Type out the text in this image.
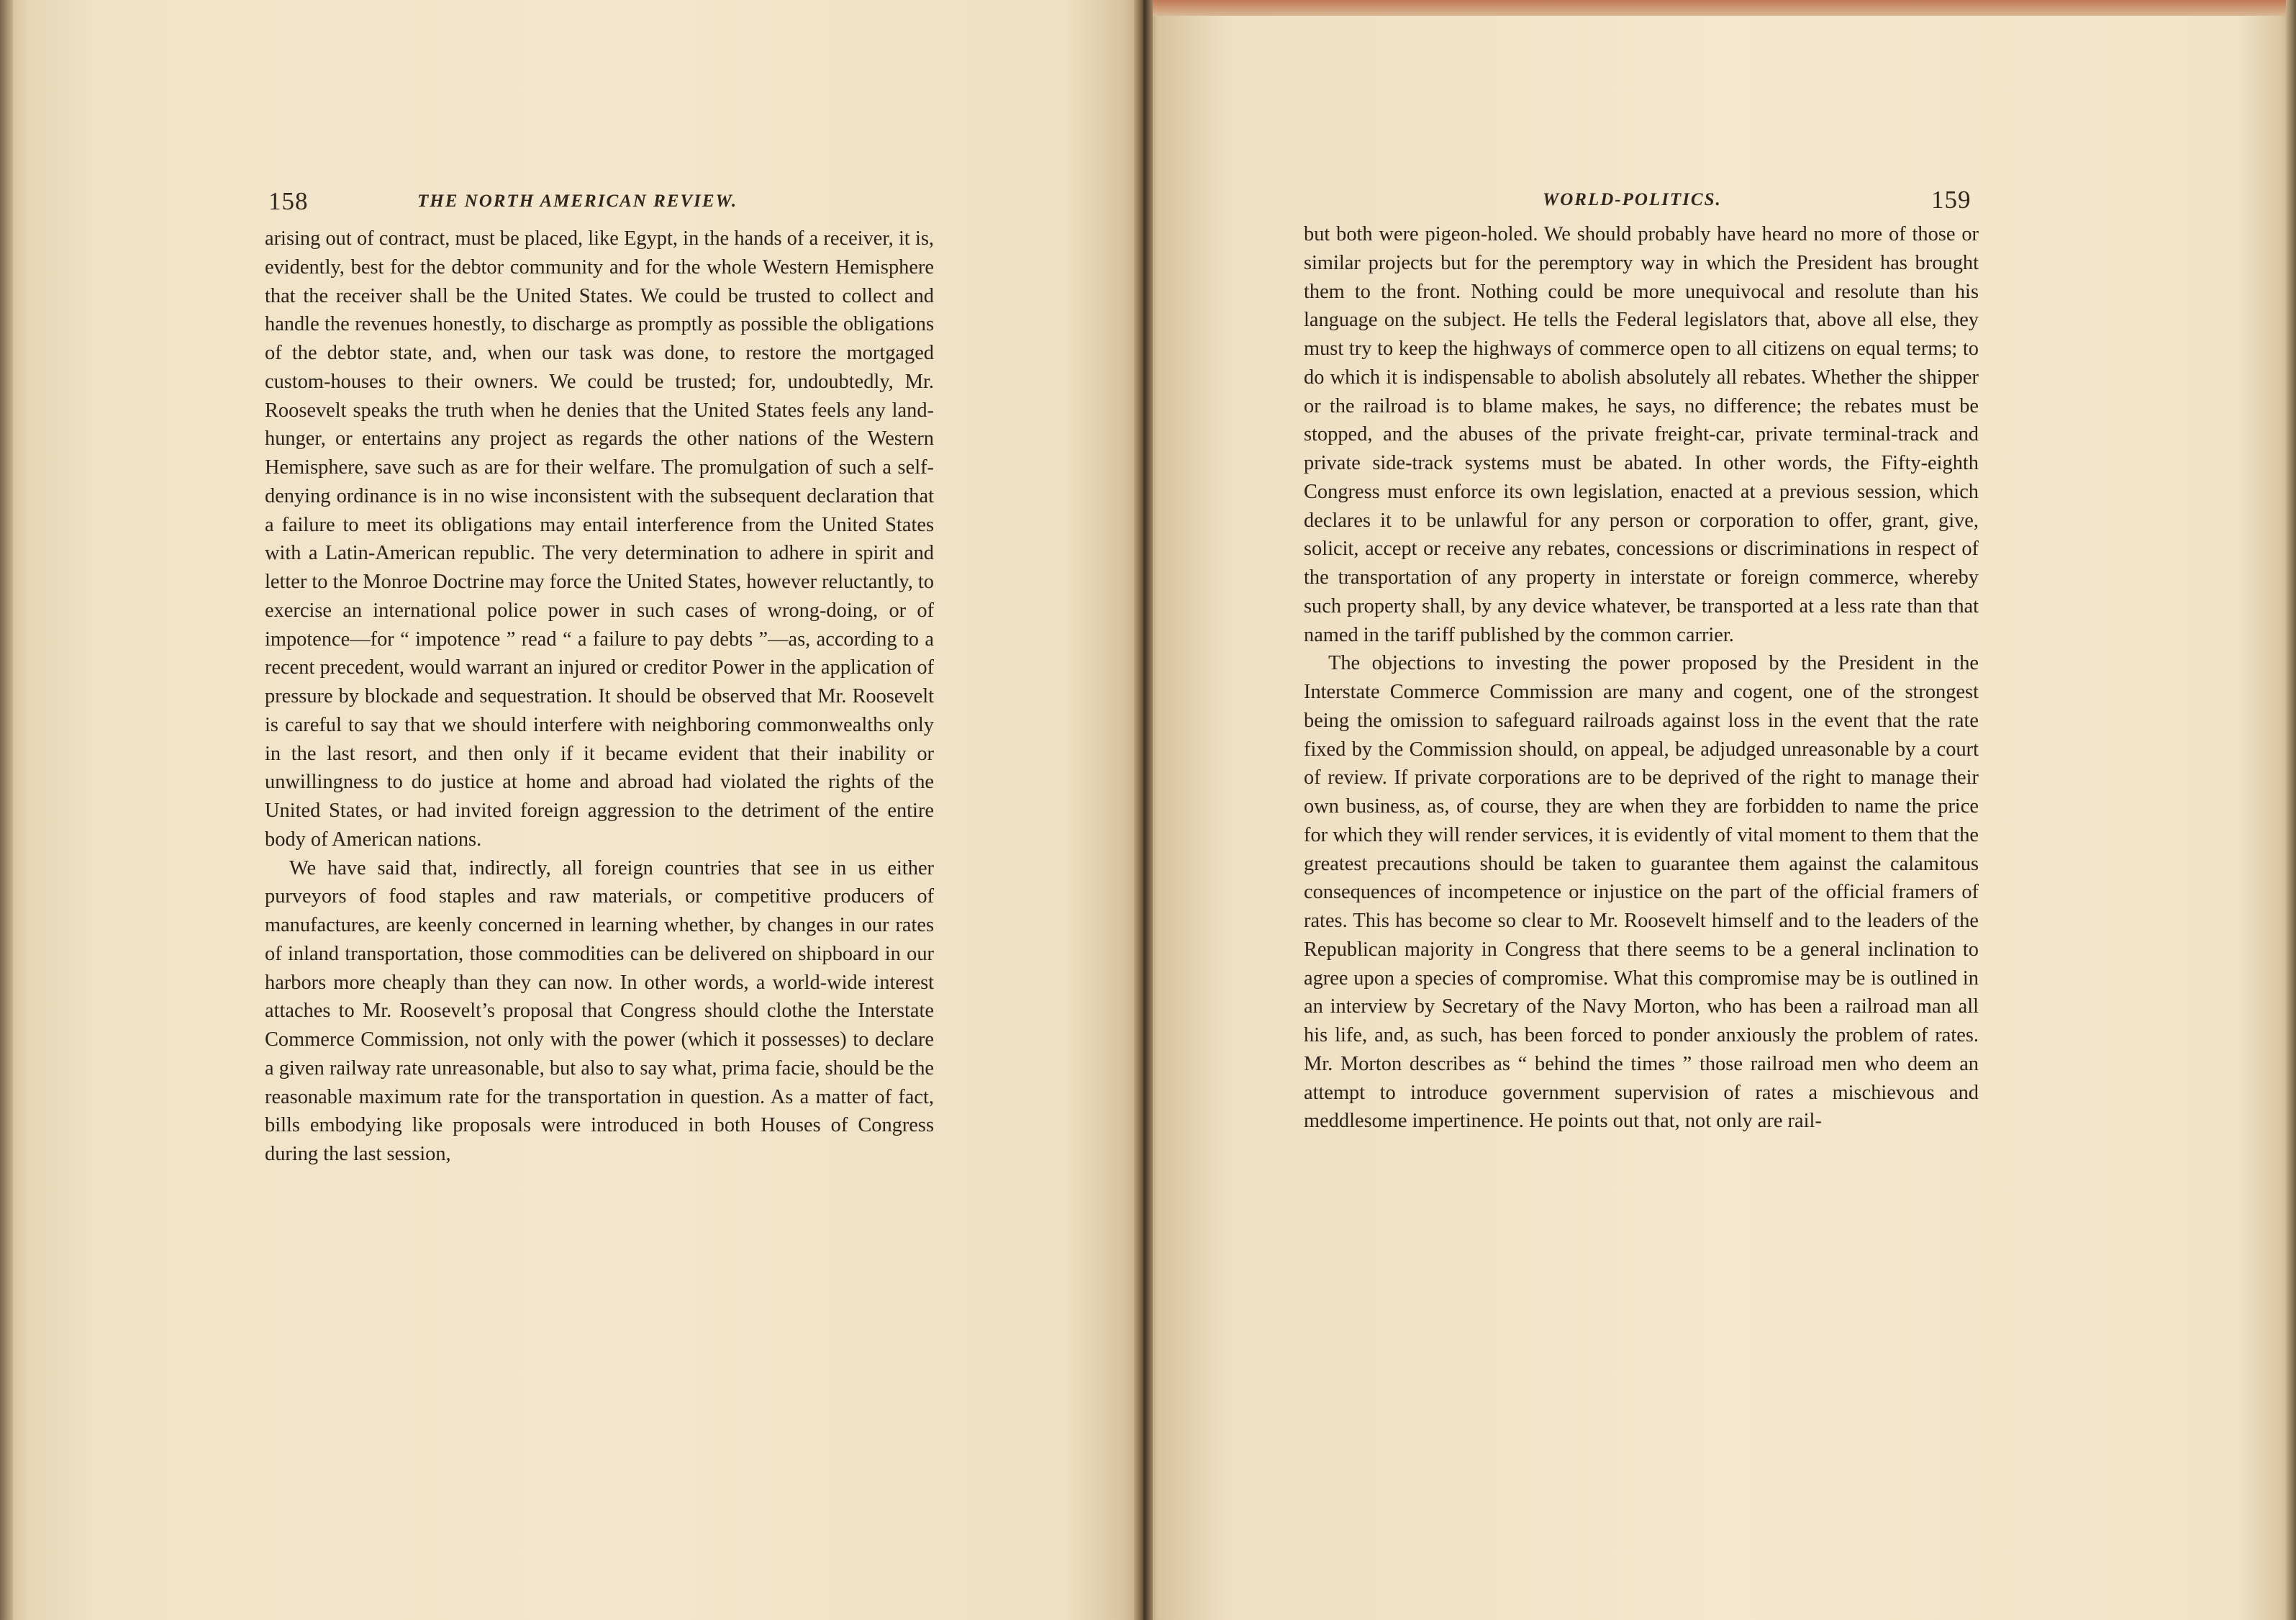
158	THE NORTH AMERICAN REVIEW.

arising out of contract, must be placed, like Egypt, in the hands of a receiver, it is, evidently, best for the debtor community and for the whole Western Hemisphere that the receiver shall be the United States. We could be trusted to collect and handle the revenues honestly, to discharge as promptly as possible the obligations of the debtor state, and, when our task was done, to restore the mortgaged custom-houses to their owners. We could be trusted; for, undoubtedly, Mr. Roosevelt speaks the truth when he denies that the United States feels any land-hunger, or entertains any project as regards the other nations of the Western Hemisphere, save such as are for their welfare. The promulgation of such a self-denying ordinance is in no wise inconsistent with the subsequent declaration that a failure to meet its obligations may entail interference from the United States with a Latin-American republic. The very determination to adhere in spirit and letter to the Monroe Doctrine may force the United States, however reluctantly, to exercise an international police power in such cases of wrong-doing, or of impotence—for “ impotence ” read “ a failure to pay debts ”—as, according to a recent precedent, would warrant an injured or creditor Power in the application of pressure by blockade and sequestration. It should be observed that Mr. Roosevelt is careful to say that we should interfere with neighboring commonwealths only in the last resort, and then only if it became evident that their inability or unwillingness to do justice at home and abroad had violated the rights of the United States, or had invited foreign aggression to the detriment of the entire body of American nations.

We have said that, indirectly, all foreign countries that see in us either purveyors of food staples and raw materials, or competitive producers of manufactures, are keenly concerned in learning whether, by changes in our rates of inland transportation, those commodities can be delivered on shipboard in our harbors more cheaply than they can now. In other words, a world-wide interest attaches to Mr. Roosevelt’s proposal that Congress should clothe the Interstate Commerce Commission, not only with the power (which it possesses) to declare a given railway rate unreasonable, but also to say what, prima facie, should be the reasonable maximum rate for the transportation in question. As a matter of fact, bills embodying like proposals were introduced in both Houses of Congress during the last session,

WORLD-POLITICS.	159

but both were pigeon-holed. We should probably have heard no more of those or similar projects but for the peremptory way in which the President has brought them to the front. Nothing could be more unequivocal and resolute than his language on the subject. He tells the Federal legislators that, above all else, they must try to keep the highways of commerce open to all citizens on equal terms; to do which it is indispensable to abolish absolutely all rebates. Whether the shipper or the railroad is to blame makes, he says, no difference; the rebates must be stopped, and the abuses of the private freight-car, private terminal-track and private side-track systems must be abated. In other words, the Fifty-eighth Congress must enforce its own legislation, enacted at a previous session, which declares it to be unlawful for any person or corporation to offer, grant, give, solicit, accept or receive any rebates, concessions or discriminations in respect of the transportation of any property in interstate or foreign commerce, whereby such property shall, by any device whatever, be transported at a less rate than that named in the tariff published by the common carrier.

The objections to investing the power proposed by the President in the Interstate Commerce Commission are many and cogent, one of the strongest being the omission to safeguard railroads against loss in the event that the rate fixed by the Commission should, on appeal, be adjudged unreasonable by a court of review. If private corporations are to be deprived of the right to manage their own business, as, of course, they are when they are forbidden to name the price for which they will render services, it is evidently of vital moment to them that the greatest precautions should be taken to guarantee them against the calamitous consequences of incompetence or injustice on the part of the official framers of rates. This has become so clear to Mr. Roosevelt himself and to the leaders of the Republican majority in Congress that there seems to be a general inclination to agree upon a species of compromise. What this compromise may be is outlined in an interview by Secretary of the Navy Morton, who has been a railroad man all his life, and, as such, has been forced to ponder anxiously the problem of rates. Mr. Morton describes as “ behind the times ” those railroad men who deem an attempt to introduce government supervision of rates a mischievous and meddlesome impertinence. He points out that, not only are rail-
